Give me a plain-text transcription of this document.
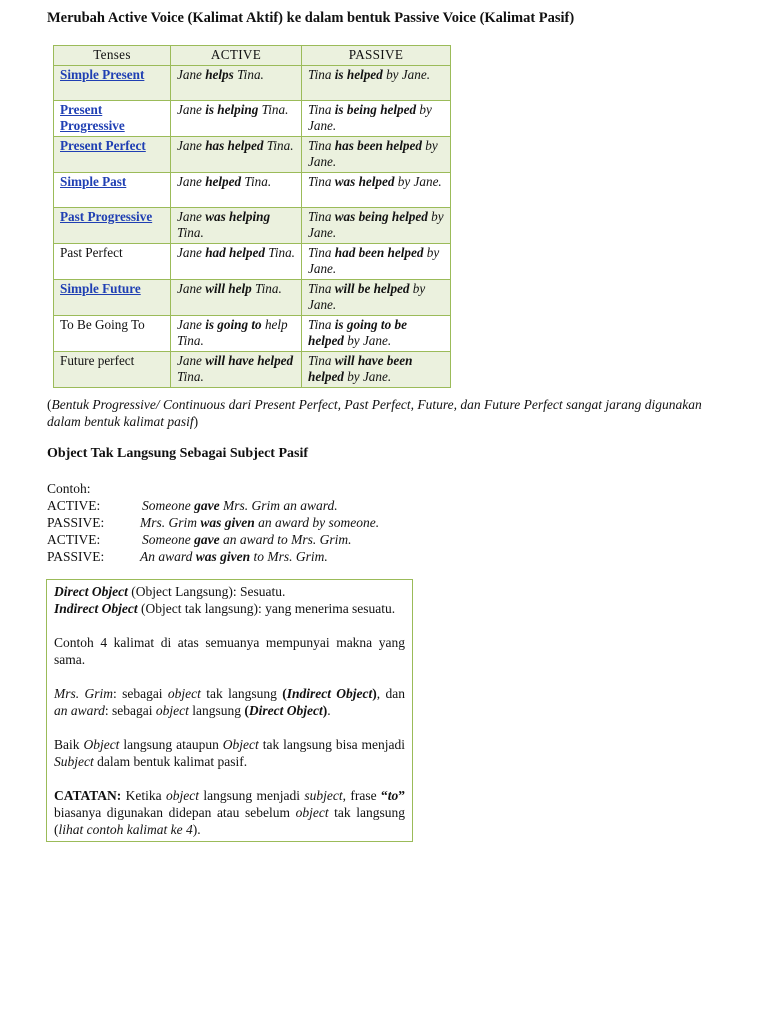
Merubah Active Voice (Kalimat Aktif) ke dalam bentuk Passive Voice (Kalimat Pasif)
Tenses	ACTIVE	PASSIVE
Simple Present	Jane helps Tina.	Tina is helped by Jane.
Present Progressive	Jane is helping Tina.	Tina is being helped by Jane.
Present Perfect	Jane has helped Tina.	Tina has been helped by Jane.
Simple Past	Jane helped Tina.	Tina was helped by Jane.
Past Progressive	Jane was helping Tina.	Tina was being helped by Jane.
Past Perfect	Jane had helped Tina.	Tina had been helped by Jane.
Simple Future	Jane will help Tina.	Tina will be helped by Jane.
To Be Going To	Jane is going to help Tina.	Tina is going to be helped by Jane.
Future perfect	Jane will have helped Tina.	Tina will have been helped by Jane.
(Bentuk Progressive/ Continuous dari Present Perfect, Past Perfect, Future, dan Future Perfect sangat jarang digunakan dalam bentuk kalimat pasif)
Object Tak Langsung Sebagai Subject Pasif
Contoh:
ACTIVE:	Someone gave Mrs. Grim an award.
PASSIVE:	Mrs. Grim was given an award by someone.
ACTIVE:	Someone gave an award to Mrs. Grim.
PASSIVE:	An award was given to Mrs. Grim.

Direct Object (Object Langsung): Sesuatu.
Indirect Object (Object tak langsung): yang menerima sesuatu.

Contoh 4 kalimat di atas semuanya mempunyai makna yang sama.

Mrs. Grim: sebagai object tak langsung (Indirect Object), dan an award: sebagai object langsung (Direct Object).

Baik Object langsung ataupun Object tak langsung bisa menjadi Subject dalam bentuk kalimat pasif.

CATATAN: Ketika object langsung menjadi subject, frase “to” biasanya digunakan didepan atau sebelum object tak langsung (lihat contoh kalimat ke 4).
